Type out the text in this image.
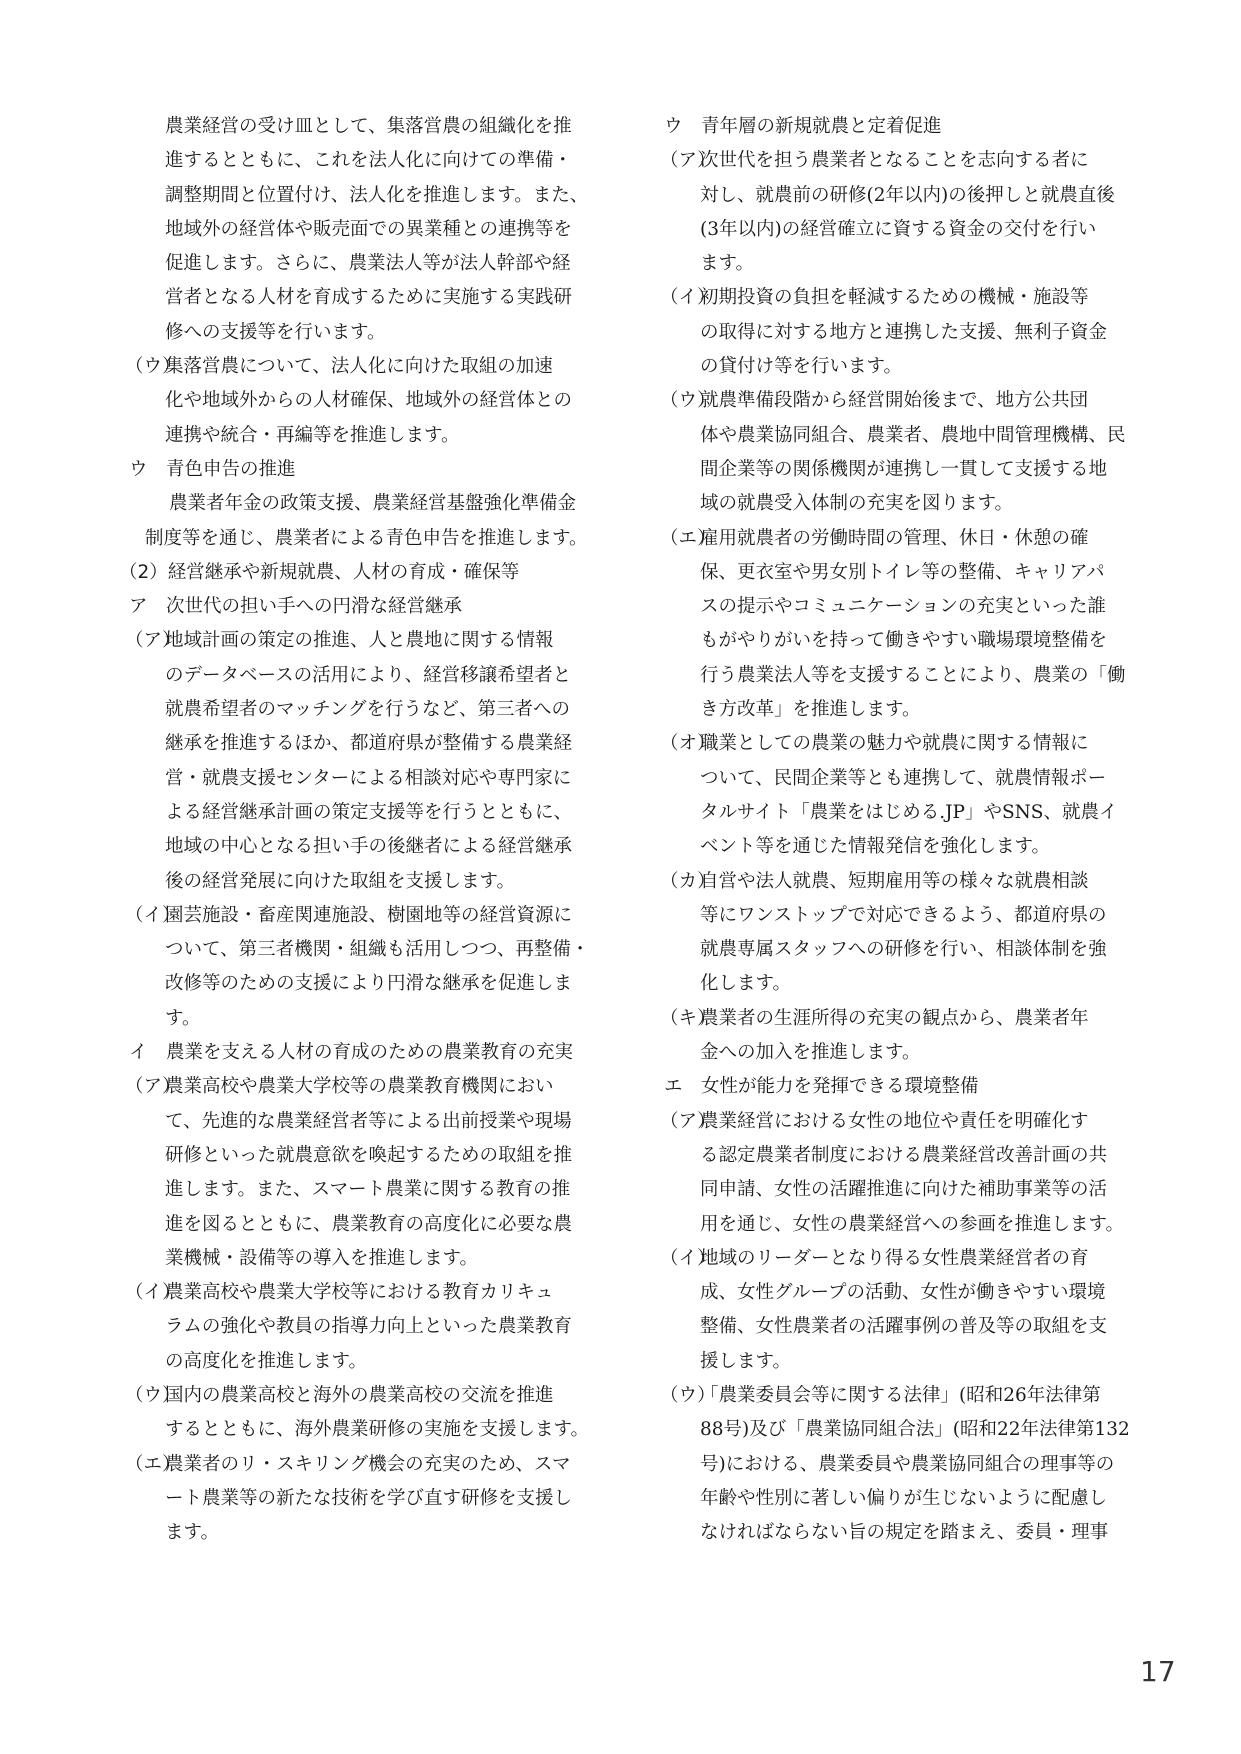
農業経営の受け皿として、集落営農の組織化を推
進するとともに、これを法人化に向けての準備・
調整期間と位置付け、法人化を推進します。また、
地域外の経営体や販売面での異業種との連携等を
促進します。さらに、農業法人等が法人幹部や経
営者となる人材を育成するために実施する実践研
修への支援等を行います。
（ウ）
集落営農について、法人化に向けた取組の加速
化や地域外からの人材確保、地域外の経営体との
連携や統合・再編等を推進します。
ウ　青色申告の推進
農業者年金の政策支援、農業経営基盤強化準備金
制度等を通じ、農業者による青色申告を推進します。
（2）経営継承や新規就農、人材の育成・確保等
ア　次世代の担い手への円滑な経営継承
（ア）
地域計画の策定の推進、人と農地に関する情報
のデータベースの活用により、経営移譲希望者と
就農希望者のマッチングを行うなど、第三者への
継承を推進するほか、都道府県が整備する農業経
営・就農支援センターによる相談対応や専門家に
よる経営継承計画の策定支援等を行うとともに、
地域の中心となる担い手の後継者による経営継承
後の経営発展に向けた取組を支援します。
（イ）
園芸施設・畜産関連施設、樹園地等の経営資源に
ついて、第三者機関・組織も活用しつつ、再整備・
改修等のための支援により円滑な継承を促進しま
す。
イ　農業を支える人材の育成のための農業教育の充実
（ア）
農業高校や農業大学校等の農業教育機関におい
て、先進的な農業経営者等による出前授業や現場
研修といった就農意欲を喚起するための取組を推
進します。また、スマート農業に関する教育の推
進を図るとともに、農業教育の高度化に必要な農
業機械・設備等の導入を推進します。
（イ）
農業高校や農業大学校等における教育カリキュ
ラムの強化や教員の指導力向上といった農業教育
の高度化を推進します。
（ウ）
国内の農業高校と海外の農業高校の交流を推進
するとともに、海外農業研修の実施を支援します。
（エ）
農業者のリ・スキリング機会の充実のため、スマ
ート農業等の新たな技術を学び直す研修を支援し
ます。
ウ　青年層の新規就農と定着促進
（ア）
次世代を担う農業者となることを志向する者に
対し、就農前の研修(2年以内)の後押しと就農直後
(3年以内)の経営確立に資する資金の交付を行い
ます。
（イ）
初期投資の負担を軽減するための機械・施設等
の取得に対する地方と連携した支援、無利子資金
の貸付け等を行います。
（ウ）
就農準備段階から経営開始後まで、地方公共団
体や農業協同組合、農業者、農地中間管理機構、民
間企業等の関係機関が連携し一貫して支援する地
域の就農受入体制の充実を図ります。
（エ）
雇用就農者の労働時間の管理、休日・休憩の確
保、更衣室や男女別トイレ等の整備、キャリアパ
スの提示やコミュニケーションの充実といった誰
もがやりがいを持って働きやすい職場環境整備を
行う農業法人等を支援することにより、農業の「働
き方改革」を推進します。
（オ）
職業としての農業の魅力や就農に関する情報に
ついて、民間企業等とも連携して、就農情報ポー
タルサイト「農業をはじめる.JP」やSNS、就農イ
ベント等を通じた情報発信を強化します。
（カ）
自営や法人就農、短期雇用等の様々な就農相談
等にワンストップで対応できるよう、都道府県の
就農専属スタッフへの研修を行い、相談体制を強
化します。
（キ）
農業者の生涯所得の充実の観点から、農業者年
金への加入を推進します。
エ　女性が能力を発揮できる環境整備
（ア）
農業経営における女性の地位や責任を明確化す
る認定農業者制度における農業経営改善計画の共
同申請、女性の活躍推進に向けた補助事業等の活
用を通じ、女性の農業経営への参画を推進します。
（イ）
地域のリーダーとなり得る女性農業経営者の育
成、女性グループの活動、女性が働きやすい環境
整備、女性農業者の活躍事例の普及等の取組を支
援します。
（ウ）
「農業委員会等に関する法律」(昭和26年法律第
88号)及び「農業協同組合法」(昭和22年法律第132
号)における、農業委員や農業協同組合の理事等の
年齢や性別に著しい偏りが生じないように配慮し
なければならない旨の規定を踏まえ、委員・理事
17
